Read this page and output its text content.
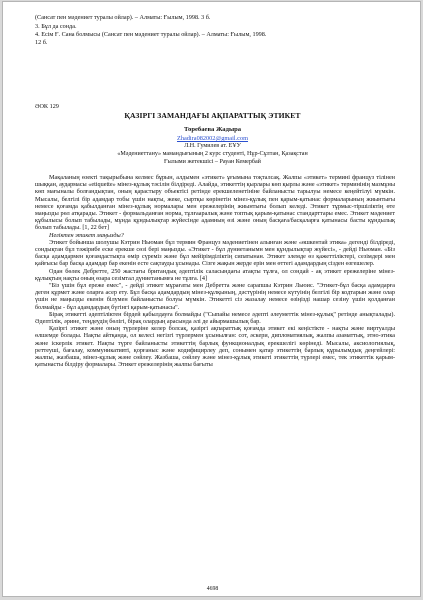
(Сансат пен мәдениет туралы ойлар). – Алматы: Ғылым, 1998. 3 б.
3. Бұл да сонда.
4. Есім Ғ. Сана болмысы (Сансат пен мәдениет туралы ойлар). – Алматы: Ғылым, 1998.
12 б.
ӘОК 129
ҚАЗІРГІ ЗАМАНДАҒЫ АҚПАРАТТЫҚ ЭТИКЕТ
Торебаева Жадыра
Zhadira082002@gmail.com
Л.Н. Гумилев ат. ЕҰУ
«Мәдениеттану» мамандығының 2 курс студенті, Нұр-Сұлтан, Қазақстан
Ғылыми жетекшісі – Рауан Кемербай

Мақаланың өзекті тақырыбына келмес бұрын, алдымен «этикет» ұғымына тоқталсақ. Жалпы «этикет» термині француз тілінен шыққан, аудармасы «etiquette» мінез-құлық тәсілін білдіреді. Алайда, этикеттің қырлары көп қырлы және «этикет» терминінің мазмұны көп мағыналы болғандықтан, оның қарастыру объектісі ретінде ерекшеленетініне байланысты тарылуы немесе кеңейтілуі мүмкін. Мысалы, белгілі бір адамдар тобы үшін нақты, жеке, сыртқы көрінетін мінез-құлық пен қарым-қатынас формаларының жиынтығы немесе қоғамда қабылданған мінез-құлық нормалары мен ережелерінің жиынтығы болып келеді. Этикет тұрмыс-тіршіліктің өте маңызды рөл атқарады. Этикет - формальданған норма, тұлғааралық және топтық қарым-қатынас стандарттары емес. Этикет мәдениет құбылысы болып табылады, мұнда құндылықтар жүйесінде адамның өзі және оның басқаға/басқаларға қатынасы басты құндылық болып табылады. [1, 22 бет]

Неліктен этикет маңызды?

Этикет бойынша шолушы Кэтрин Ньюман бұл термин Француз мәдениетінен алынған және «өшкентай этика» дегенді білдіреді, сондықтан бұл тәжірибе еске ерекше сөзі бері маңызды. «Этикет - бұл дүниетанымн мен құндылықтар жүйесі», - дейді Ньюман. «Біз басқа адамдармен қоғамдастықта өмір сүреміз және бұл мейірімділіктің сипатынан. Этикет элемде өз қажеттіліктері, сезімдері мен қайғысы бар басқа адамдар бар екенін есте сақтауды ұсынады. Сізге жақын жерде ерін мен өттегі адамдардың сізден өзгешелер.

Одан бөлек Дебретте, 250 жастағы британдық әдептілік саласындағы атақты тұлға, ол сондай - ақ этикет ережелеріне мінез-құлықтың нақты оның өзара сезімтал дүниетанымға не тұлға. [4]

"Біз үшін бұл ереже емес", - дейді этикет мұрағаты мен Дебретта және сарапшы Кэтрин Льюис. "Этикет-бұл басқа адамдарға деген құрмет және оларға асер ету. Бұл басқа адамдардың мінез-құлқының, дәстүрінің немесе күтуінің белгілі бір кодтарын және олар үшін не маңызды екенін білумен байланысты болуы мүмкін. Этикетті сіз жазалау немесе өзіңізді нашар сезіну үшін қолданған болмайды - бұл адамдардың бүгінгі қарым-қатынасы".

Бірақ этикетті әдептіліктен бірдей қабылдауға болмайды ("Сыпайы немесе әдепті әлеуметтік мінез-құлық" ретінде анықталады). Әдептілік, әрине, теңдеудің бөлігі, бірақ олардың арасында әлі де айырмашылық бар.

Қазіргі этикет және оның түрлеріне келер болсақ, қазіргі ақпараттық қоғамда этикет екі кеңістікте - нақты және виртуалды өлшемде болады. Нақты айтқанда, ол келесі негізгі түрлермен ұсынылған: сот, әскери, дипломатиялық, жалпы азаматтық, этно-этика және іскерлік этикет. Нақты түрге байланысты этикеттің барлық функционалдық ерекшелігі көрінеді. Мысалы, аксиологиялық, реттеуші, бағалау, коммуникативті, қорғаныс және кодифицирлеу деп, сонымен қатар этикеттің барлық құрылымдық деңгейлері: жалпы, жазбаша, мінез-құлық және сөйлеу. Жазбаша, сөйлеу және мінез-құлық этикеті этикеттің түрлері емес, тек этикеттік қарым-қатынасты білдіру формалары. Этикет ережелерінің жалпы бағыты

4698
